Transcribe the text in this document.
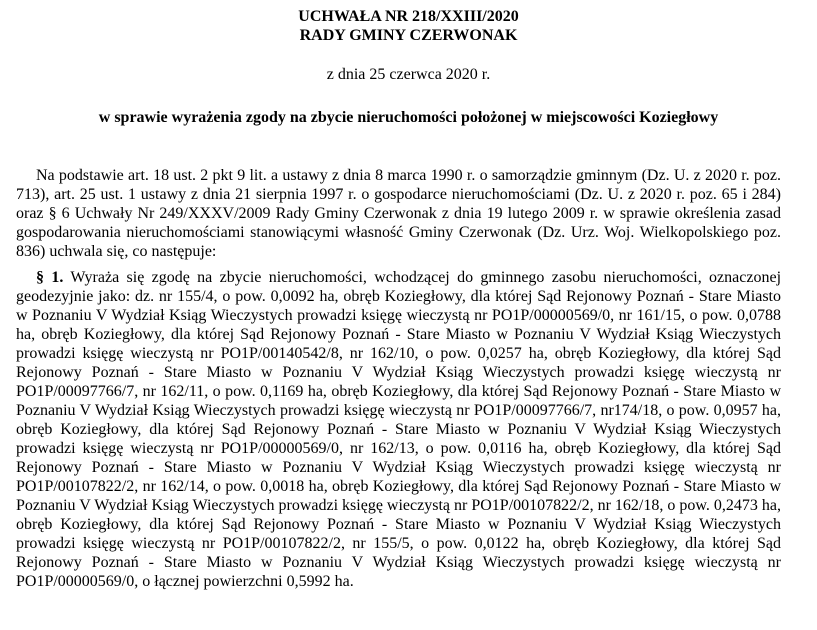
UCHWAŁA NR 218/XXIII/2020
RADY GMINY CZERWONAK
z dnia 25 czerwca 2020 r.
w sprawie wyrażenia zgody na zbycie nieruchomości położonej w miejscowości Koziegłowy
Na podstawie art. 18 ust. 2 pkt 9 lit. a ustawy z dnia 8 marca 1990 r. o samorządzie gminnym (Dz. U. z 2020 r. poz. 713), art. 25 ust. 1 ustawy z dnia 21 sierpnia 1997 r. o gospodarce nieruchomościami (Dz. U. z 2020 r. poz. 65 i 284) oraz § 6 Uchwały Nr 249/XXXV/2009 Rady Gminy Czerwonak z dnia 19 lutego 2009 r. w sprawie określenia zasad gospodarowania nieruchomościami stanowiącymi własność Gminy Czerwonak (Dz. Urz. Woj. Wielkopolskiego poz. 836) uchwala się, co następuje:
§ 1. Wyraża się zgodę na zbycie nieruchomości, wchodzącej do gminnego zasobu nieruchomości, oznaczonej geodezyjnie jako: dz. nr 155/4, o pow. 0,0092 ha, obręb Koziegłowy, dla której Sąd Rejonowy Poznań - Stare Miasto w Poznaniu V Wydział Ksiąg Wieczystych prowadzi księgę wieczystą nr PO1P/00000569/0, nr 161/15, o pow. 0,0788 ha, obręb Koziegłowy, dla której Sąd Rejonowy Poznań - Stare Miasto w Poznaniu V Wydział Ksiąg Wieczystych prowadzi księgę wieczystą nr PO1P/00140542/8, nr 162/10, o pow. 0,0257 ha, obręb Koziegłowy, dla której Sąd Rejonowy Poznań - Stare Miasto w Poznaniu V Wydział Ksiąg Wieczystych prowadzi księgę wieczystą nr PO1P/00097766/7, nr 162/11, o pow. 0,1169 ha, obręb Koziegłowy, dla której Sąd Rejonowy Poznań - Stare Miasto w Poznaniu V Wydział Ksiąg Wieczystych prowadzi księgę wieczystą nr PO1P/00097766/7, nr174/18, o pow. 0,0957 ha, obręb Koziegłowy, dla której Sąd Rejonowy Poznań - Stare Miasto w Poznaniu V Wydział Ksiąg Wieczystych prowadzi księgę wieczystą nr PO1P/00000569/0, nr 162/13, o pow. 0,0116 ha, obręb Koziegłowy, dla której Sąd Rejonowy Poznań - Stare Miasto w Poznaniu V Wydział Ksiąg Wieczystych prowadzi księgę wieczystą nr PO1P/00107822/2, nr 162/14, o pow. 0,0018 ha, obręb Koziegłowy, dla której Sąd Rejonowy Poznań - Stare Miasto w Poznaniu V Wydział Ksiąg Wieczystych prowadzi księgę wieczystą nr PO1P/00107822/2, nr 162/18, o pow. 0,2473 ha, obręb Koziegłowy, dla której Sąd Rejonowy Poznań - Stare Miasto w Poznaniu V Wydział Ksiąg Wieczystych prowadzi księgę wieczystą nr PO1P/00107822/2, nr 155/5, o pow. 0,0122 ha, obręb Koziegłowy, dla której Sąd Rejonowy Poznań - Stare Miasto w Poznaniu V Wydział Ksiąg Wieczystych prowadzi księgę wieczystą nr PO1P/00000569/0, o łącznej powierzchni 0,5992 ha.
